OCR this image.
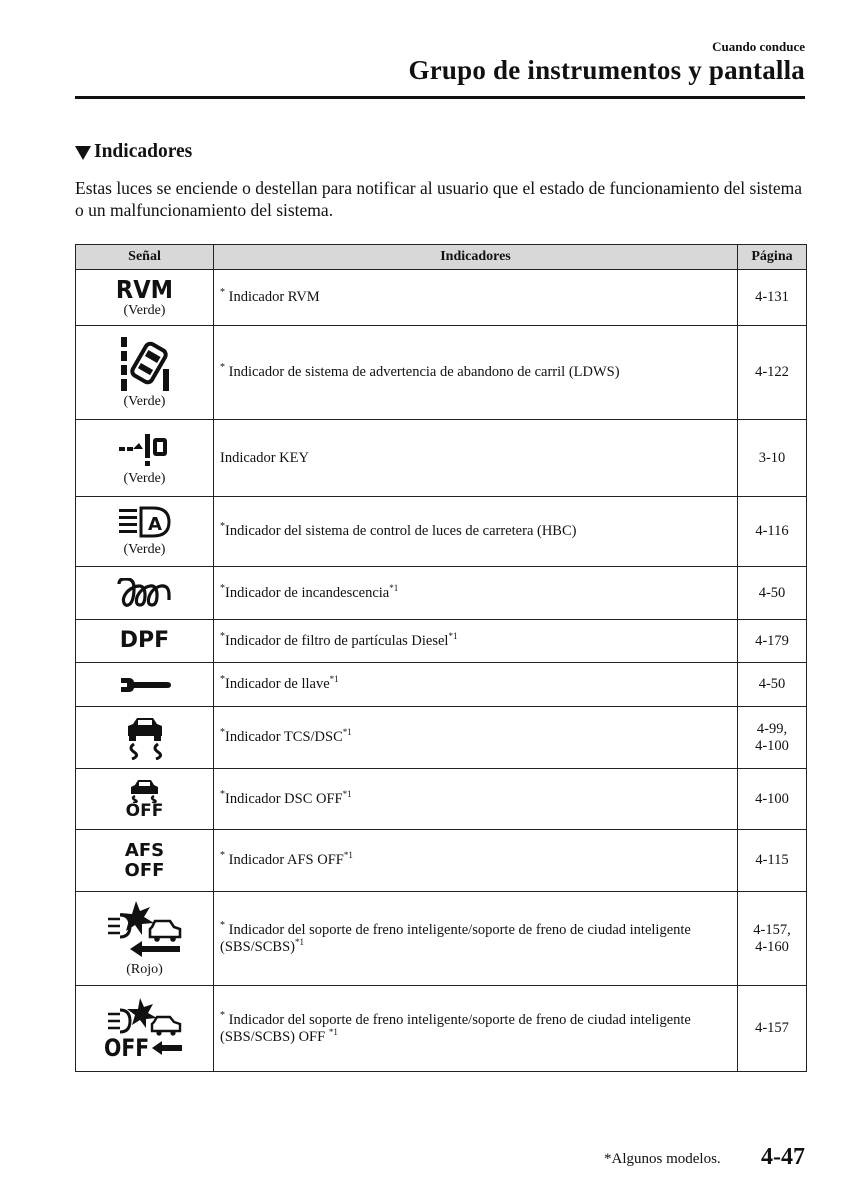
Cuando conduce
Grupo de instrumentos y pantalla
Indicadores
Estas luces se enciende o destellan para notificar al usuario que el estado de funcionamiento del sistema o un malfuncionamiento del sistema.
Señal	Indicadores	Página

RVM
(Verde)	* Indicador RVM	4-131

(Verde)	* Indicador de sistema de advertencia de abandono de carril (LDWS)	4-122

(Verde)	Indicador KEY	3-10

A
(Verde)	*Indicador del sistema de control de luces de carretera (HBC)	4-116

	*Indicador de incandescencia$^{*1}$	4-50

DPF	*Indicador de filtro de partículas Diesel$^{*1}$	4-179

	*Indicador de llave$^{*1}$	4-50

	*Indicador TCS/DSC$^{*1}$	4-99,
4-100

OFF	*Indicador DSC OFF$^{*1}$	4-100

AFS
OFF	* Indicador AFS OFF$^{*1}$	4-115

(Rojo)	* Indicador del soporte de freno inteligente/soporte de freno de ciudad inteligente (SBS/SCBS)$^{*1}$	4-157,
4-160

OFF	* Indicador del soporte de freno inteligente/soporte de freno de ciudad inteligente (SBS/SCBS) OFF $^{*1}$	4-157
*Algunos modelos. 4-47
